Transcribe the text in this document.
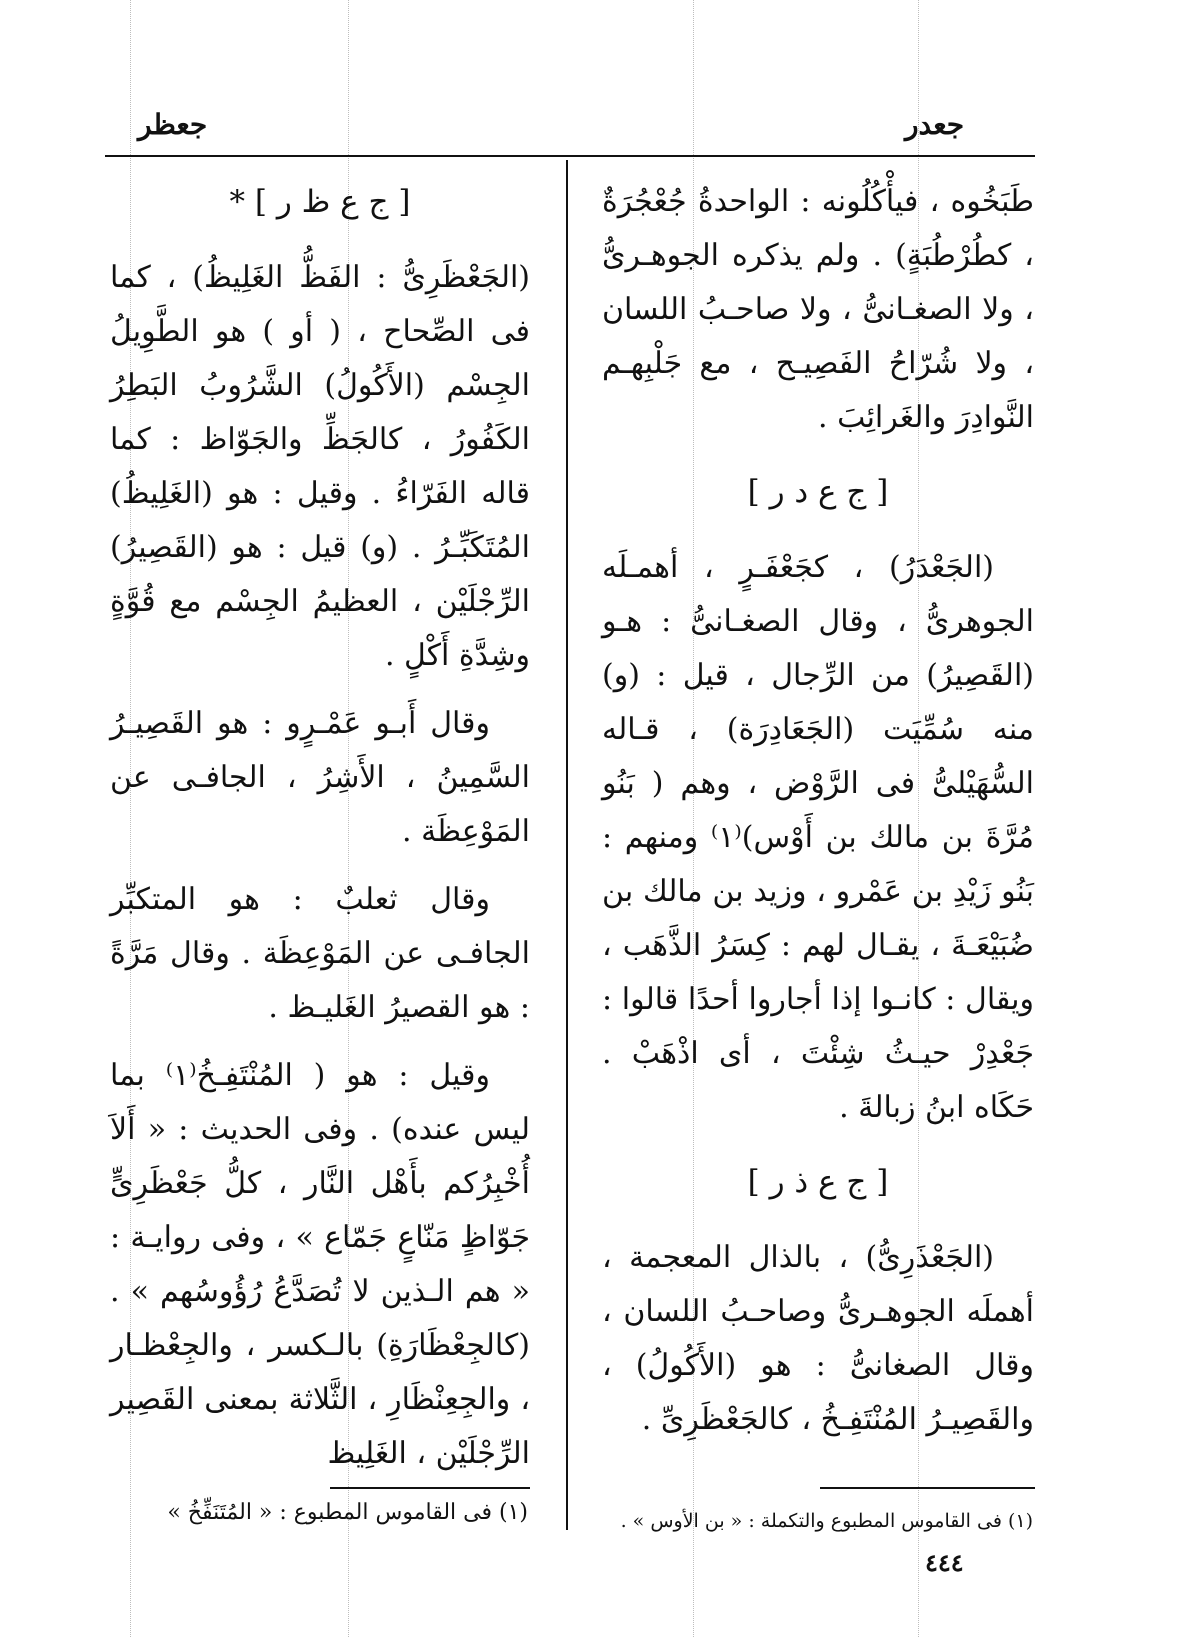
جعدر
جعظر

طَبَخُوه ، فيأْكُلُونه : الواحدةُ جُعْجُرَةٌ ، كطُرْطُبَةٍ) . ولم يذكره الجوهـرىُّ ، ولا الصغـانىُّ ، ولا صاحـبُ اللسان ، ولا شُرّاحُ الفَصِيـح ، مع جَلْبِهـم النَّوادِرَ والغَرائِبَ .

[ ج ع د ر ]

(الجَعْدَرُ) ، كجَعْفَـرٍ ، أهمـلَه الجوهرىُّ ، وقال الصغـانىُّ : هـو (القَصِيرُ) من الرِّجال ، قيل : (و) منه سُمِّيَت (الجَعَادِرَة) ، قـاله السُّهَيْلىُّ فى الرَّوْض ، وهم ( بَنُو مُرَّةَ بن مالك بن أَوْس)⁽١⁾ ومنهم : بَنُو زَيْدِ بن عَمْرو ، وزيد بن مالك بن ضُبَيْعَـةَ ، يقـال لهم : كِسَرُ الذَّهَب ، ويقال : كانـوا إذا أجاروا أحدًا قالوا : جَعْدِرْ حيـثُ شِئْتَ ، أى اذْهَبْ . حَكَاه ابنُ زبالةَ .

[ ج ع ذ ر ]

(الجَعْذَرِىُّ) ، بالذال المعجمة ، أهملَه الجوهـرىُّ وصاحـبُ اللسان ، وقال الصغانىُّ : هو (الأَكُولُ) ، والقَصِيـرُ المُنْتَفِـخُ ، كالجَعْظَرِىِّ .

[ ج ع ظ ر ] *

(الجَعْظَرِىُّ : الفَظُّ الغَلِيظُ) ، كما فى الصِّحاح ، ( أو ) هو الطَّوِيلُ الجِسْم (الأَكُولُ) الشَّرُوبُ البَطِرُ الكَفُورُ ، كالجَظِّ والجَوّاظ : كما قاله الفَرّاءُ . وقيل : هو (الغَلِيظُ) المُتَكَبِّـرُ . (و) قيل : هو (القَصِيرُ) الرِّجْلَيْن ، العظيمُ الجِسْم مع قُوَّةٍ وشِدَّةِ أَكْلٍ .

وقال أَبـو عَمْـرٍو : هو القَصِيـرُ السَّمِينُ ، الأَشِرُ ، الجافـى عن المَوْعِظَة .

وقال ثعلبٌ : هو المتكبِّر الجافـى عن المَوْعِظَة . وقال مَرَّةً : هو القصيرُ الغَليـظ .

وقيل : هو ( المُنْتَفِـخُ⁽١⁾ بما ليس عنده) . وفى الحديث : « أَلاَ أُخْبِرُكم بأَهْل النَّار ، كلُّ جَعْظَرِىٍّ جَوّاظٍ مَنّاعٍ جَمّاع » ، وفى روايـة : « هم الـذين لا تُصَدَّعُ رُؤُوسُهم » . (كالجِعْظَارَةِ) بالـكسر ، والجِعْظـار ، والجِعِنْظَارِ ، الثَّلاثة بمعنى القَصِير الرِّجْلَيْن ، الغَلِيظ

(١) فى القاموس المطبوع والتكملة : « بن الأوس » .
(١) فى القاموس المطبوع : « المُتَنَفِّخُ »
٤٤٤
